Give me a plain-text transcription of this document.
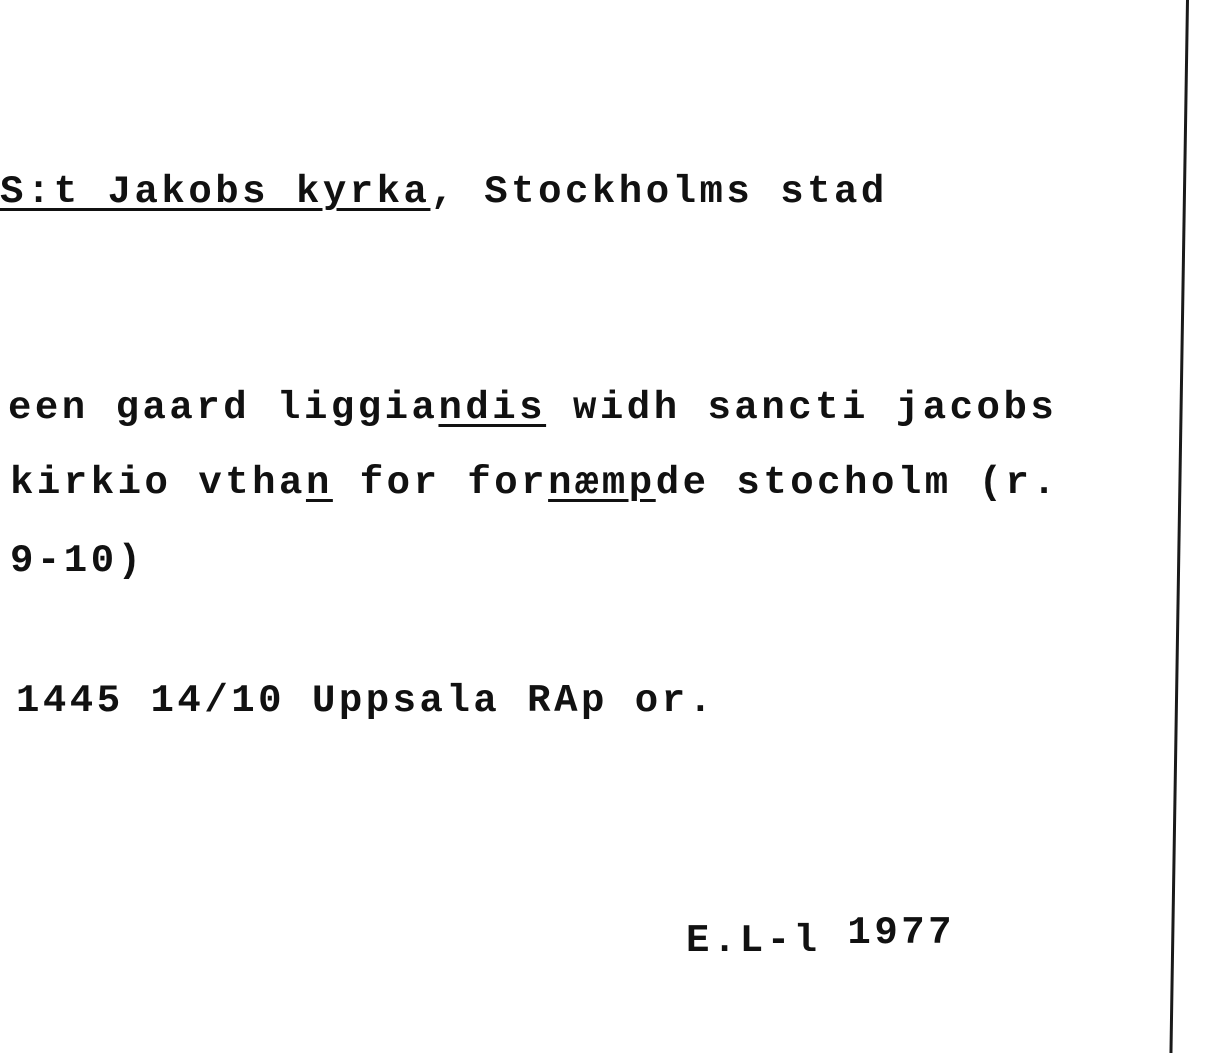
S:t Jakobs kyrka, Stockholms stad
een gaard liggiandis widh sancti jacobs
kirkio vthan for fornæmpde stocholm (r.
9-10)
1445 14/10 Uppsala RAp or.
E.L-l 1977
